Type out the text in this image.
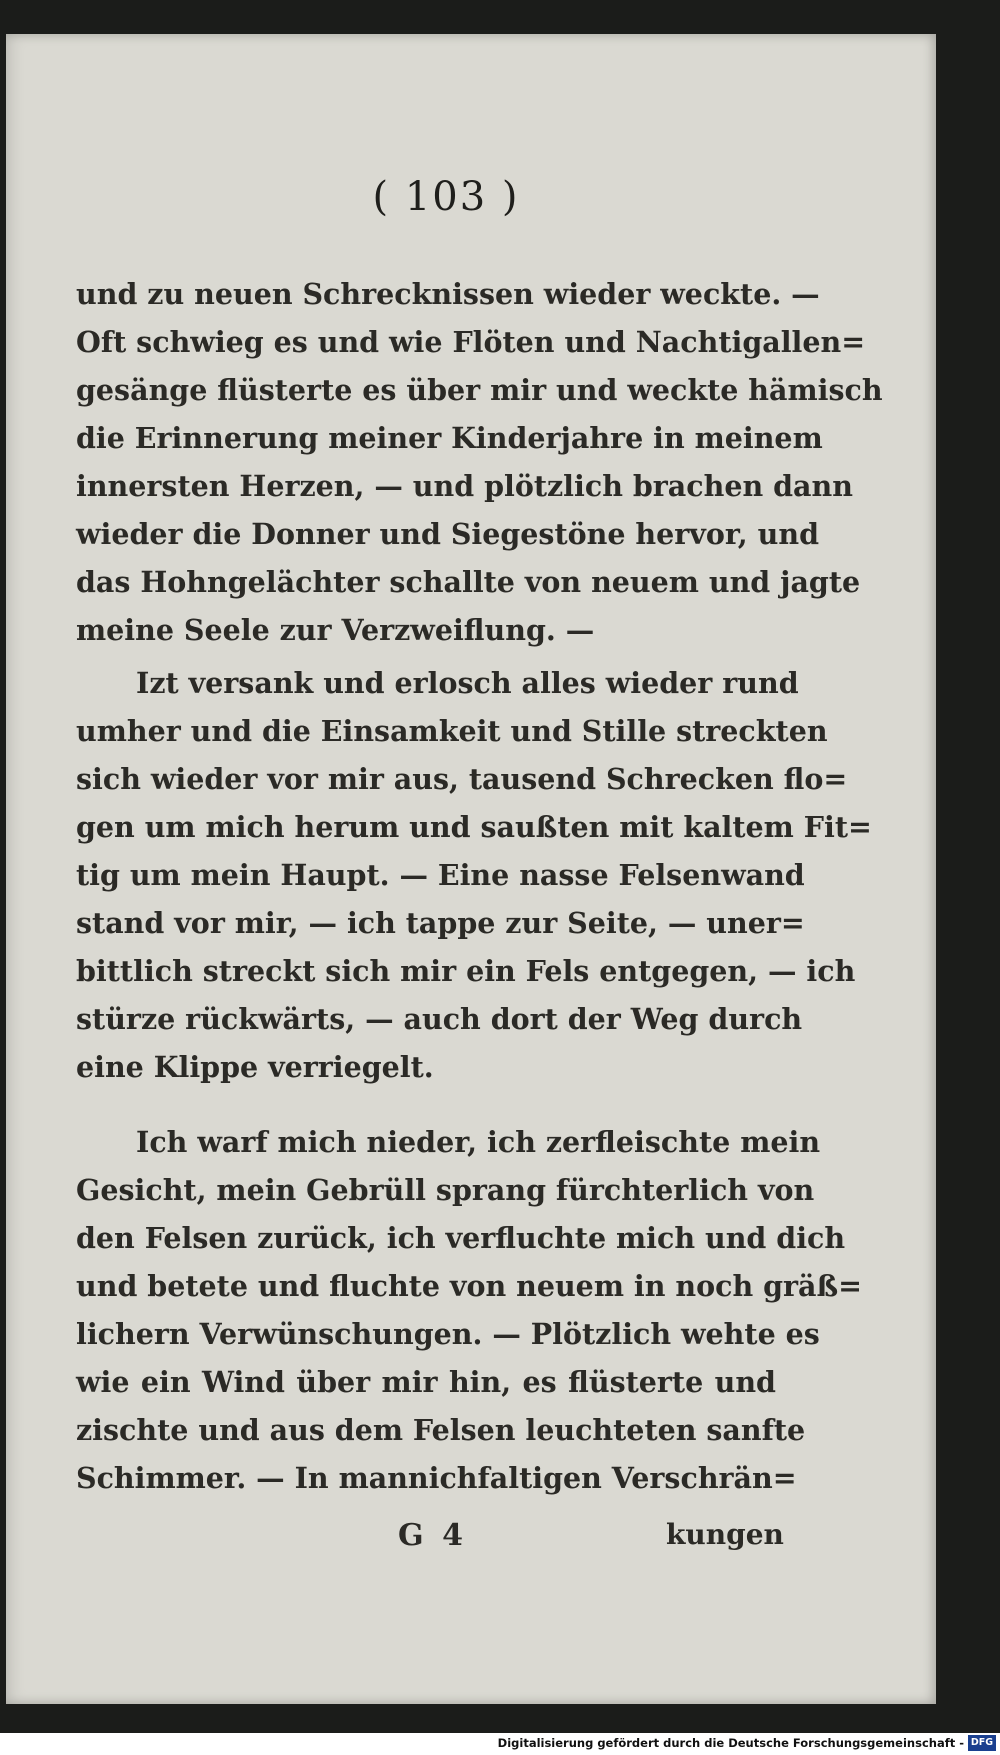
( 103 )
und zu neuen Schrecknissen wieder weckte. —
Oft schwieg es und wie Flöten und Nachtigallen=
gesänge flüsterte es über mir und weckte hämisch
die Erinnerung meiner Kinderjahre in meinem
innersten Herzen, — und plötzlich brachen dann
wieder die Donner und Siegestöne hervor, und
das Hohngelächter schallte von neuem und jagte
meine Seele zur Verzweiflung. —
Izt versank und erlosch alles wieder rund
umher und die Einsamkeit und Stille streckten
sich wieder vor mir aus, tausend Schrecken flo=
gen um mich herum und saußten mit kaltem Fit=
tig um mein Haupt. — Eine nasse Felsenwand
stand vor mir, — ich tappe zur Seite, — uner=
bittlich streckt sich mir ein Fels entgegen, — ich
stürze rückwärts, — auch dort der Weg durch
eine Klippe verriegelt.
Ich warf mich nieder, ich zerfleischte mein
Gesicht, mein Gebrüll sprang fürchterlich von
den Felsen zurück, ich verfluchte mich und dich
und betete und fluchte von neuem in noch gräß=
lichern Verwünschungen. — Plötzlich wehte es
wie ein Wind über mir hin, es flüsterte und
zischte und aus dem Felsen leuchteten sanfte
Schimmer. — In mannichfaltigen Verschrän=
G 4	kungen
Digitalisierung gefördert durch die Deutsche Forschungsgemeinschaft - DFG
